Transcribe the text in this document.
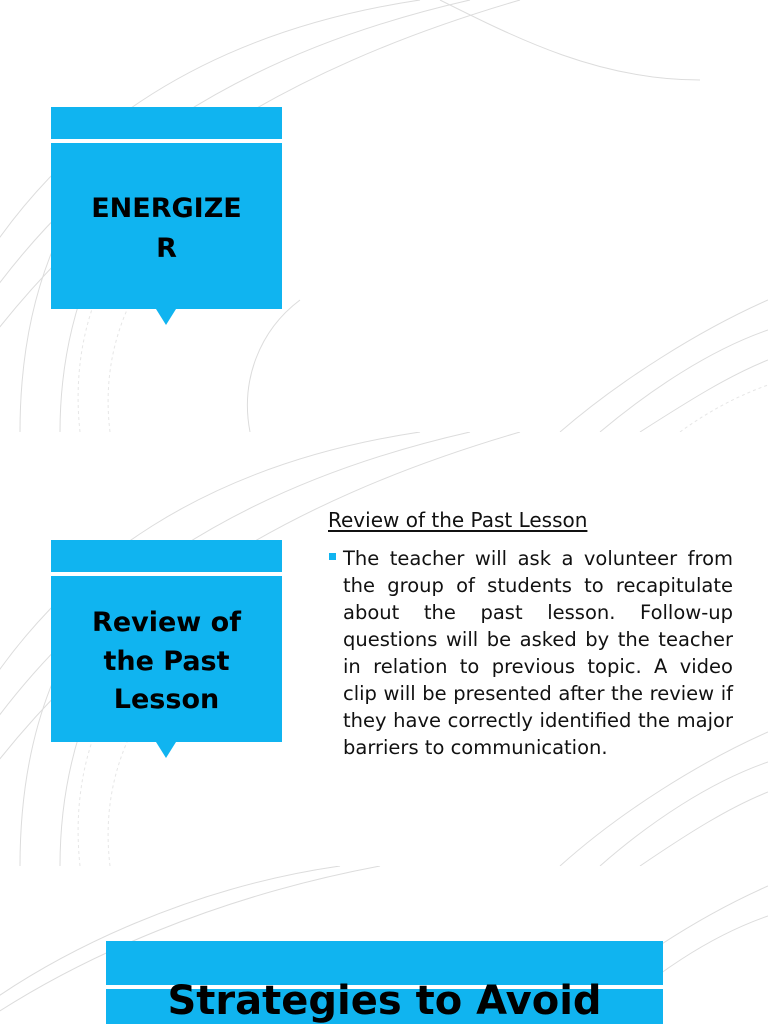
ENERGIZE R
Review of the Past Lesson
Review of the Past Lesson
The teacher will ask a volunteer from the group of students to recapitulate about the past lesson. Follow-up questions will be asked by the teacher in relation to previous topic. A video clip will be presented after the review if they have correctly identified the major barriers to communication.
Strategies to Avoid
